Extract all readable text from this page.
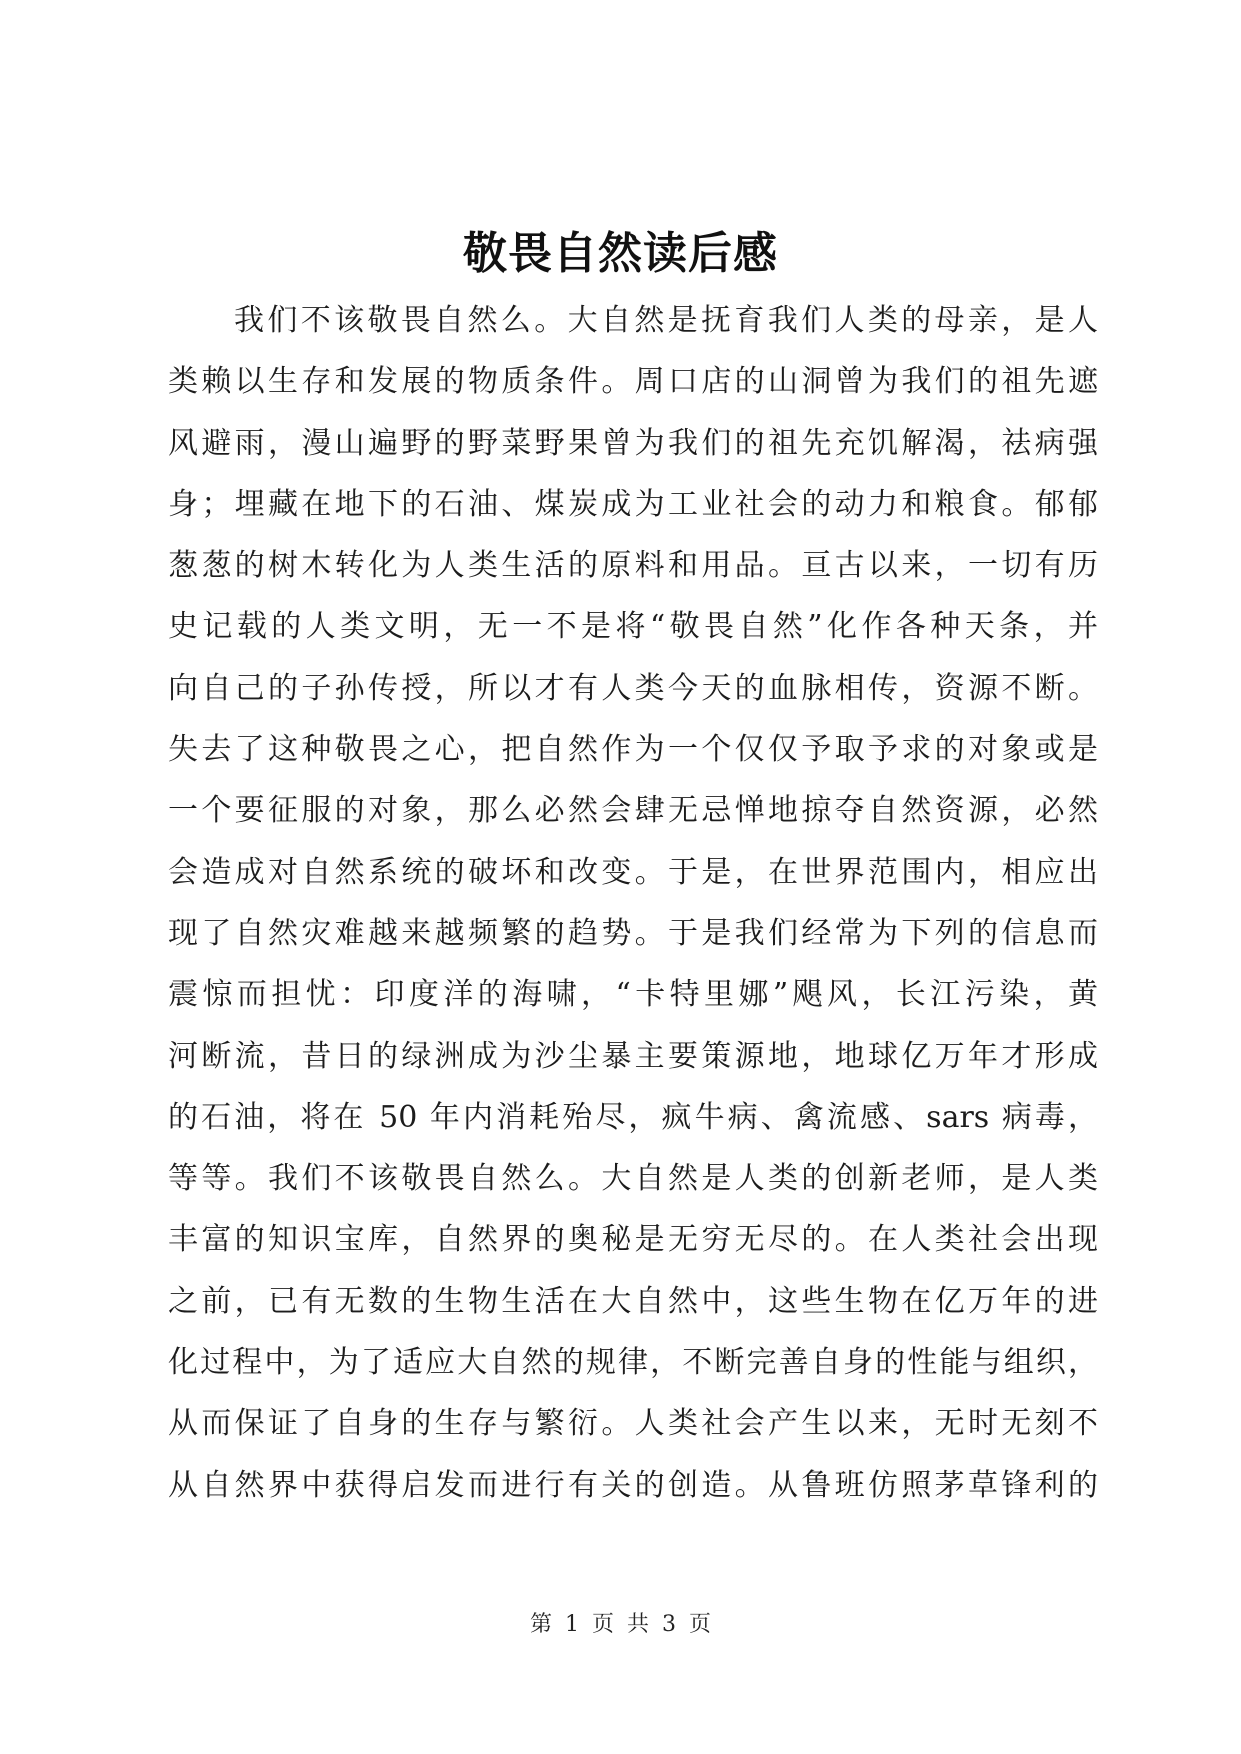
敬畏自然读后感
我们不该敬畏自然么。大自然是抚育我们人类的母亲，是人
类赖以生存和发展的物质条件。周口店的山洞曾为我们的祖先遮
风避雨，漫山遍野的野菜野果曾为我们的祖先充饥解渴，祛病强
身；埋藏在地下的石油、煤炭成为工业社会的动力和粮食。郁郁
葱葱的树木转化为人类生活的原料和用品。亘古以来，一切有历
史记载的人类文明，无一不是将“敬畏自然”化作各种天条，并
向自己的子孙传授，所以才有人类今天的血脉相传，资源不断。
失去了这种敬畏之心，把自然作为一个仅仅予取予求的对象或是
一个要征服的对象，那么必然会肆无忌惮地掠夺自然资源，必然
会造成对自然系统的破坏和改变。于是，在世界范围内，相应出
现了自然灾难越来越频繁的趋势。于是我们经常为下列的信息而
震惊而担忧：印度洋的海啸，“卡特里娜”飓风，长江污染，黄
河断流，昔日的绿洲成为沙尘暴主要策源地，地球亿万年才形成
的石油，将在 50 年内消耗殆尽，疯牛病、禽流感、sars 病毒，
等等。我们不该敬畏自然么。大自然是人类的创新老师，是人类
丰富的知识宝库，自然界的奥秘是无穷无尽的。在人类社会出现
之前，已有无数的生物生活在大自然中，这些生物在亿万年的进
化过程中，为了适应大自然的规律，不断完善自身的性能与组织，
从而保证了自身的生存与繁衍。人类社会产生以来，无时无刻不
从自然界中获得启发而进行有关的创造。从鲁班仿照茅草锋利的
第 1 页 共 3 页
